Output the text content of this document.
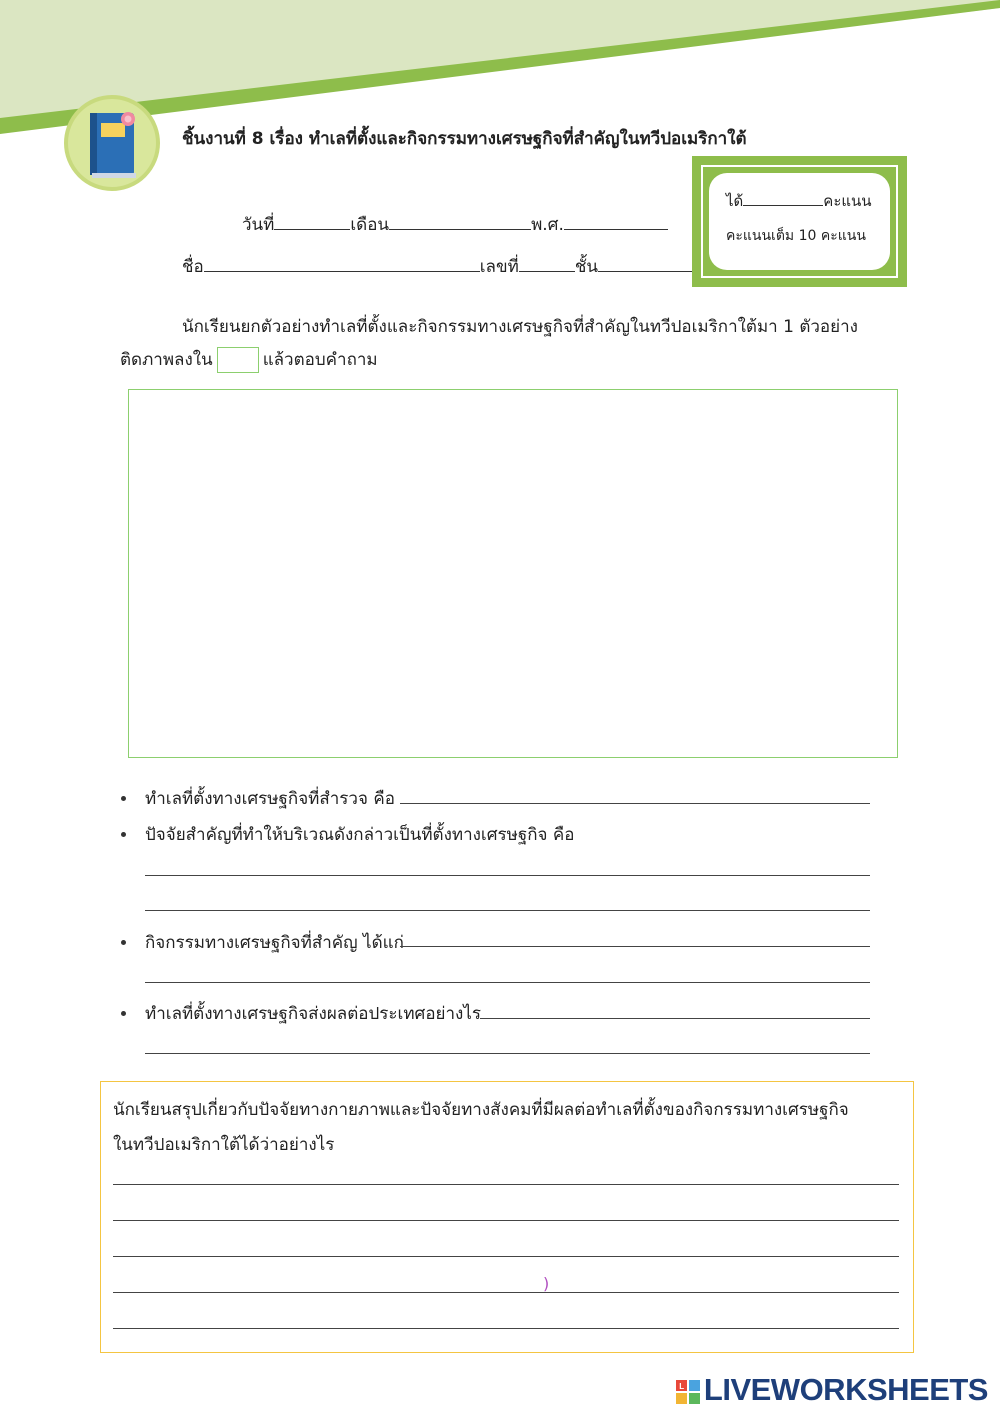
ชิ้นงานที่ 8 เรื่อง ทำเลที่ตั้งและกิจกรรมทางเศรษฐกิจที่สำคัญในทวีปอเมริกาใต้
วันที่	เดือน	พ.ศ.
ชื่อ	เลขที่	ชั้น
ได้	คะแนน
คะแนนเต็ม 10 คะแนน
นักเรียนยกตัวอย่างทำเลที่ตั้งและกิจกรรมทางเศรษฐกิจที่สำคัญในทวีปอเมริกาใต้มา 1 ตัวอย่าง
ติดภาพลงใน	แล้วตอบคำถาม
ทำเลที่ตั้งทางเศรษฐกิจที่สำรวจ คือ
ปัจจัยสำคัญที่ทำให้บริเวณดังกล่าวเป็นที่ตั้งทางเศรษฐกิจ คือ
กิจกรรมทางเศรษฐกิจที่สำคัญ ได้แก่
ทำเลที่ตั้งทางเศรษฐกิจส่งผลต่อประเทศอย่างไร
นักเรียนสรุปเกี่ยวกับปัจจัยทางกายภาพและปัจจัยทางสังคมที่มีผลต่อทำเลที่ตั้งของกิจกรรมทางเศรษฐกิจ
ในทวีปอเมริกาใต้ได้ว่าอย่างไร
)
L LIVEWORKSHEETS
